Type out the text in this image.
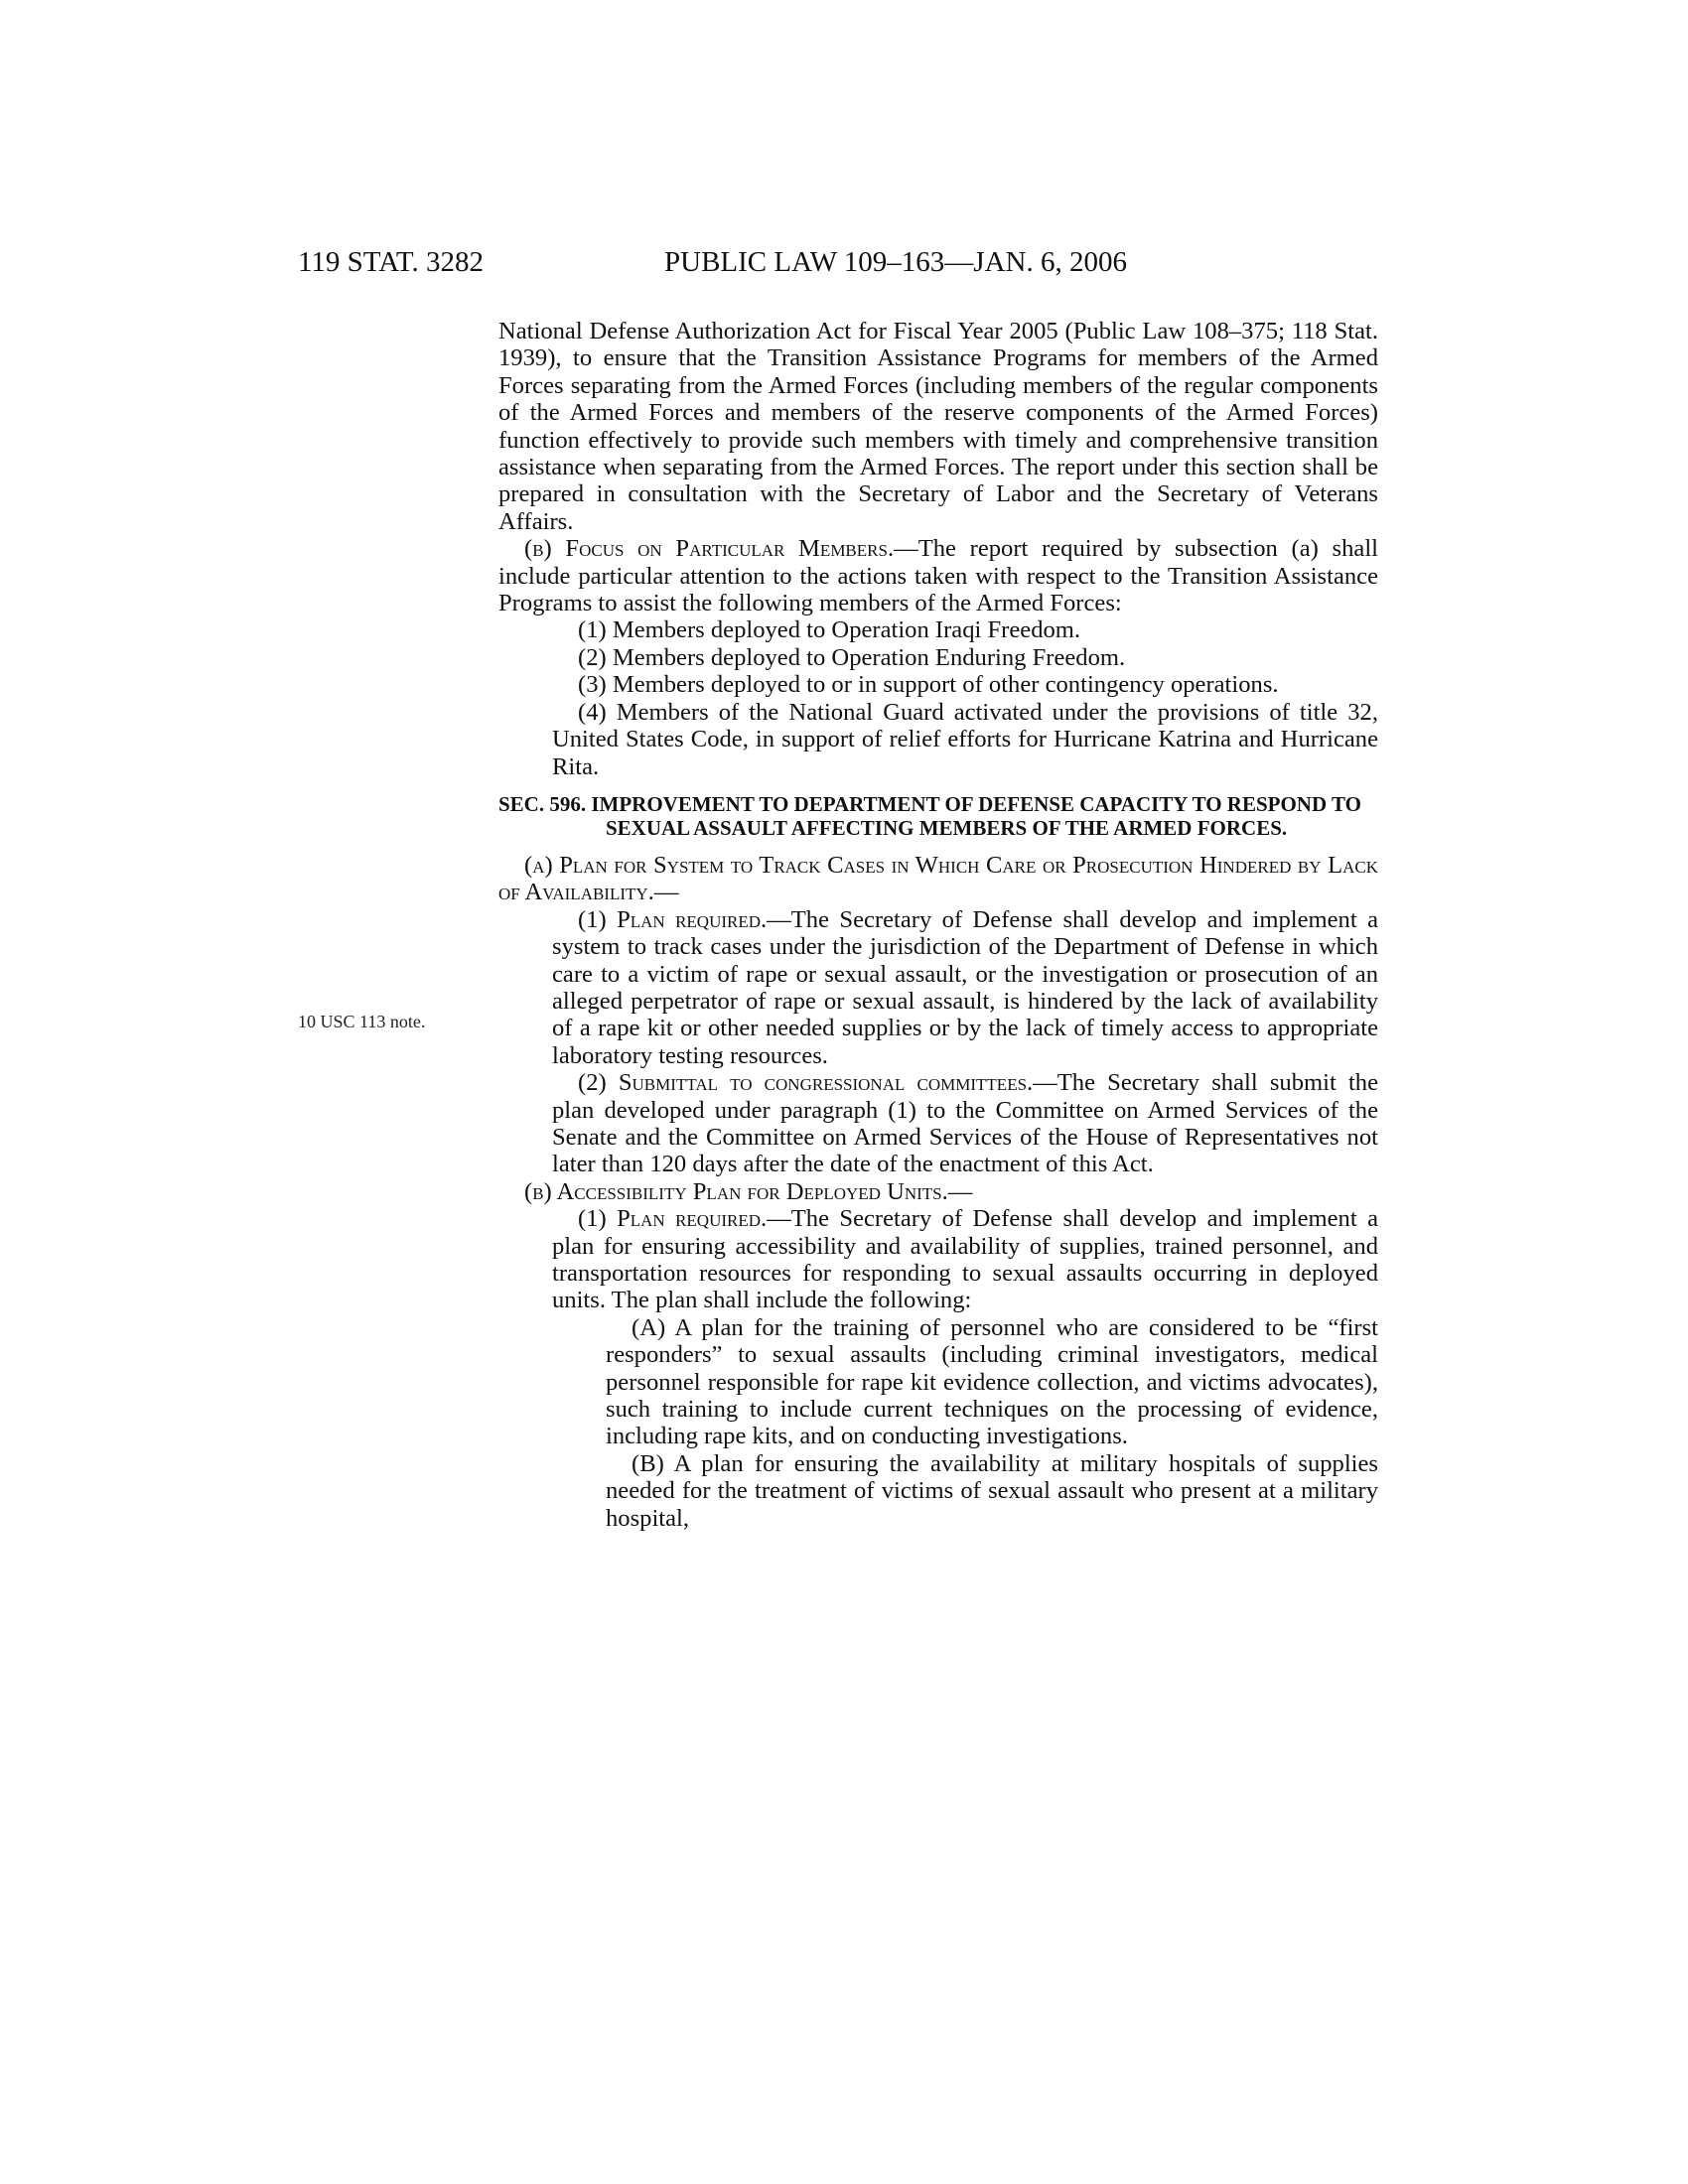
119 STAT. 3282	PUBLIC LAW 109–163—JAN. 6, 2006
10 USC 113 note.

National Defense Authorization Act for Fiscal Year 2005 (Public Law 108–375; 118 Stat. 1939), to ensure that the Transition Assistance Programs for members of the Armed Forces separating from the Armed Forces (including members of the regular components of the Armed Forces and members of the reserve components of the Armed Forces) function effectively to provide such members with timely and comprehensive transition assistance when separating from the Armed Forces. The report under this section shall be prepared in consultation with the Secretary of Labor and the Secretary of Veterans Affairs.

(b) Focus on Particular Members.—The report required by subsection (a) shall include particular attention to the actions taken with respect to the Transition Assistance Programs to assist the following members of the Armed Forces:

(1) Members deployed to Operation Iraqi Freedom.

(2) Members deployed to Operation Enduring Freedom.

(3) Members deployed to or in support of other contingency operations.

(4) Members of the National Guard activated under the provisions of title 32, United States Code, in support of relief efforts for Hurricane Katrina and Hurricane Rita.

SEC. 596. IMPROVEMENT TO DEPARTMENT OF DEFENSE CAPACITY TO RESPOND TO SEXUAL ASSAULT AFFECTING MEMBERS OF THE ARMED FORCES.

(a) Plan for System to Track Cases in Which Care or Prosecution Hindered by Lack of Availability.—

(1) Plan required.—The Secretary of Defense shall develop and implement a system to track cases under the jurisdiction of the Department of Defense in which care to a victim of rape or sexual assault, or the investigation or prosecution of an alleged perpetrator of rape or sexual assault, is hindered by the lack of availability of a rape kit or other needed supplies or by the lack of timely access to appropriate laboratory testing resources.

(2) Submittal to congressional committees.—The Secretary shall submit the plan developed under paragraph (1) to the Committee on Armed Services of the Senate and the Committee on Armed Services of the House of Representatives not later than 120 days after the date of the enactment of this Act.

(b) Accessibility Plan for Deployed Units.—

(1) Plan required.—The Secretary of Defense shall develop and implement a plan for ensuring accessibility and availability of supplies, trained personnel, and transportation resources for responding to sexual assaults occurring in deployed units. The plan shall include the following:

(A) A plan for the training of personnel who are considered to be “first responders” to sexual assaults (including criminal investigators, medical personnel responsible for rape kit evidence collection, and victims advocates), such training to include current techniques on the processing of evidence, including rape kits, and on conducting investigations.

(B) A plan for ensuring the availability at military hospitals of supplies needed for the treatment of victims of sexual assault who present at a military hospital,
